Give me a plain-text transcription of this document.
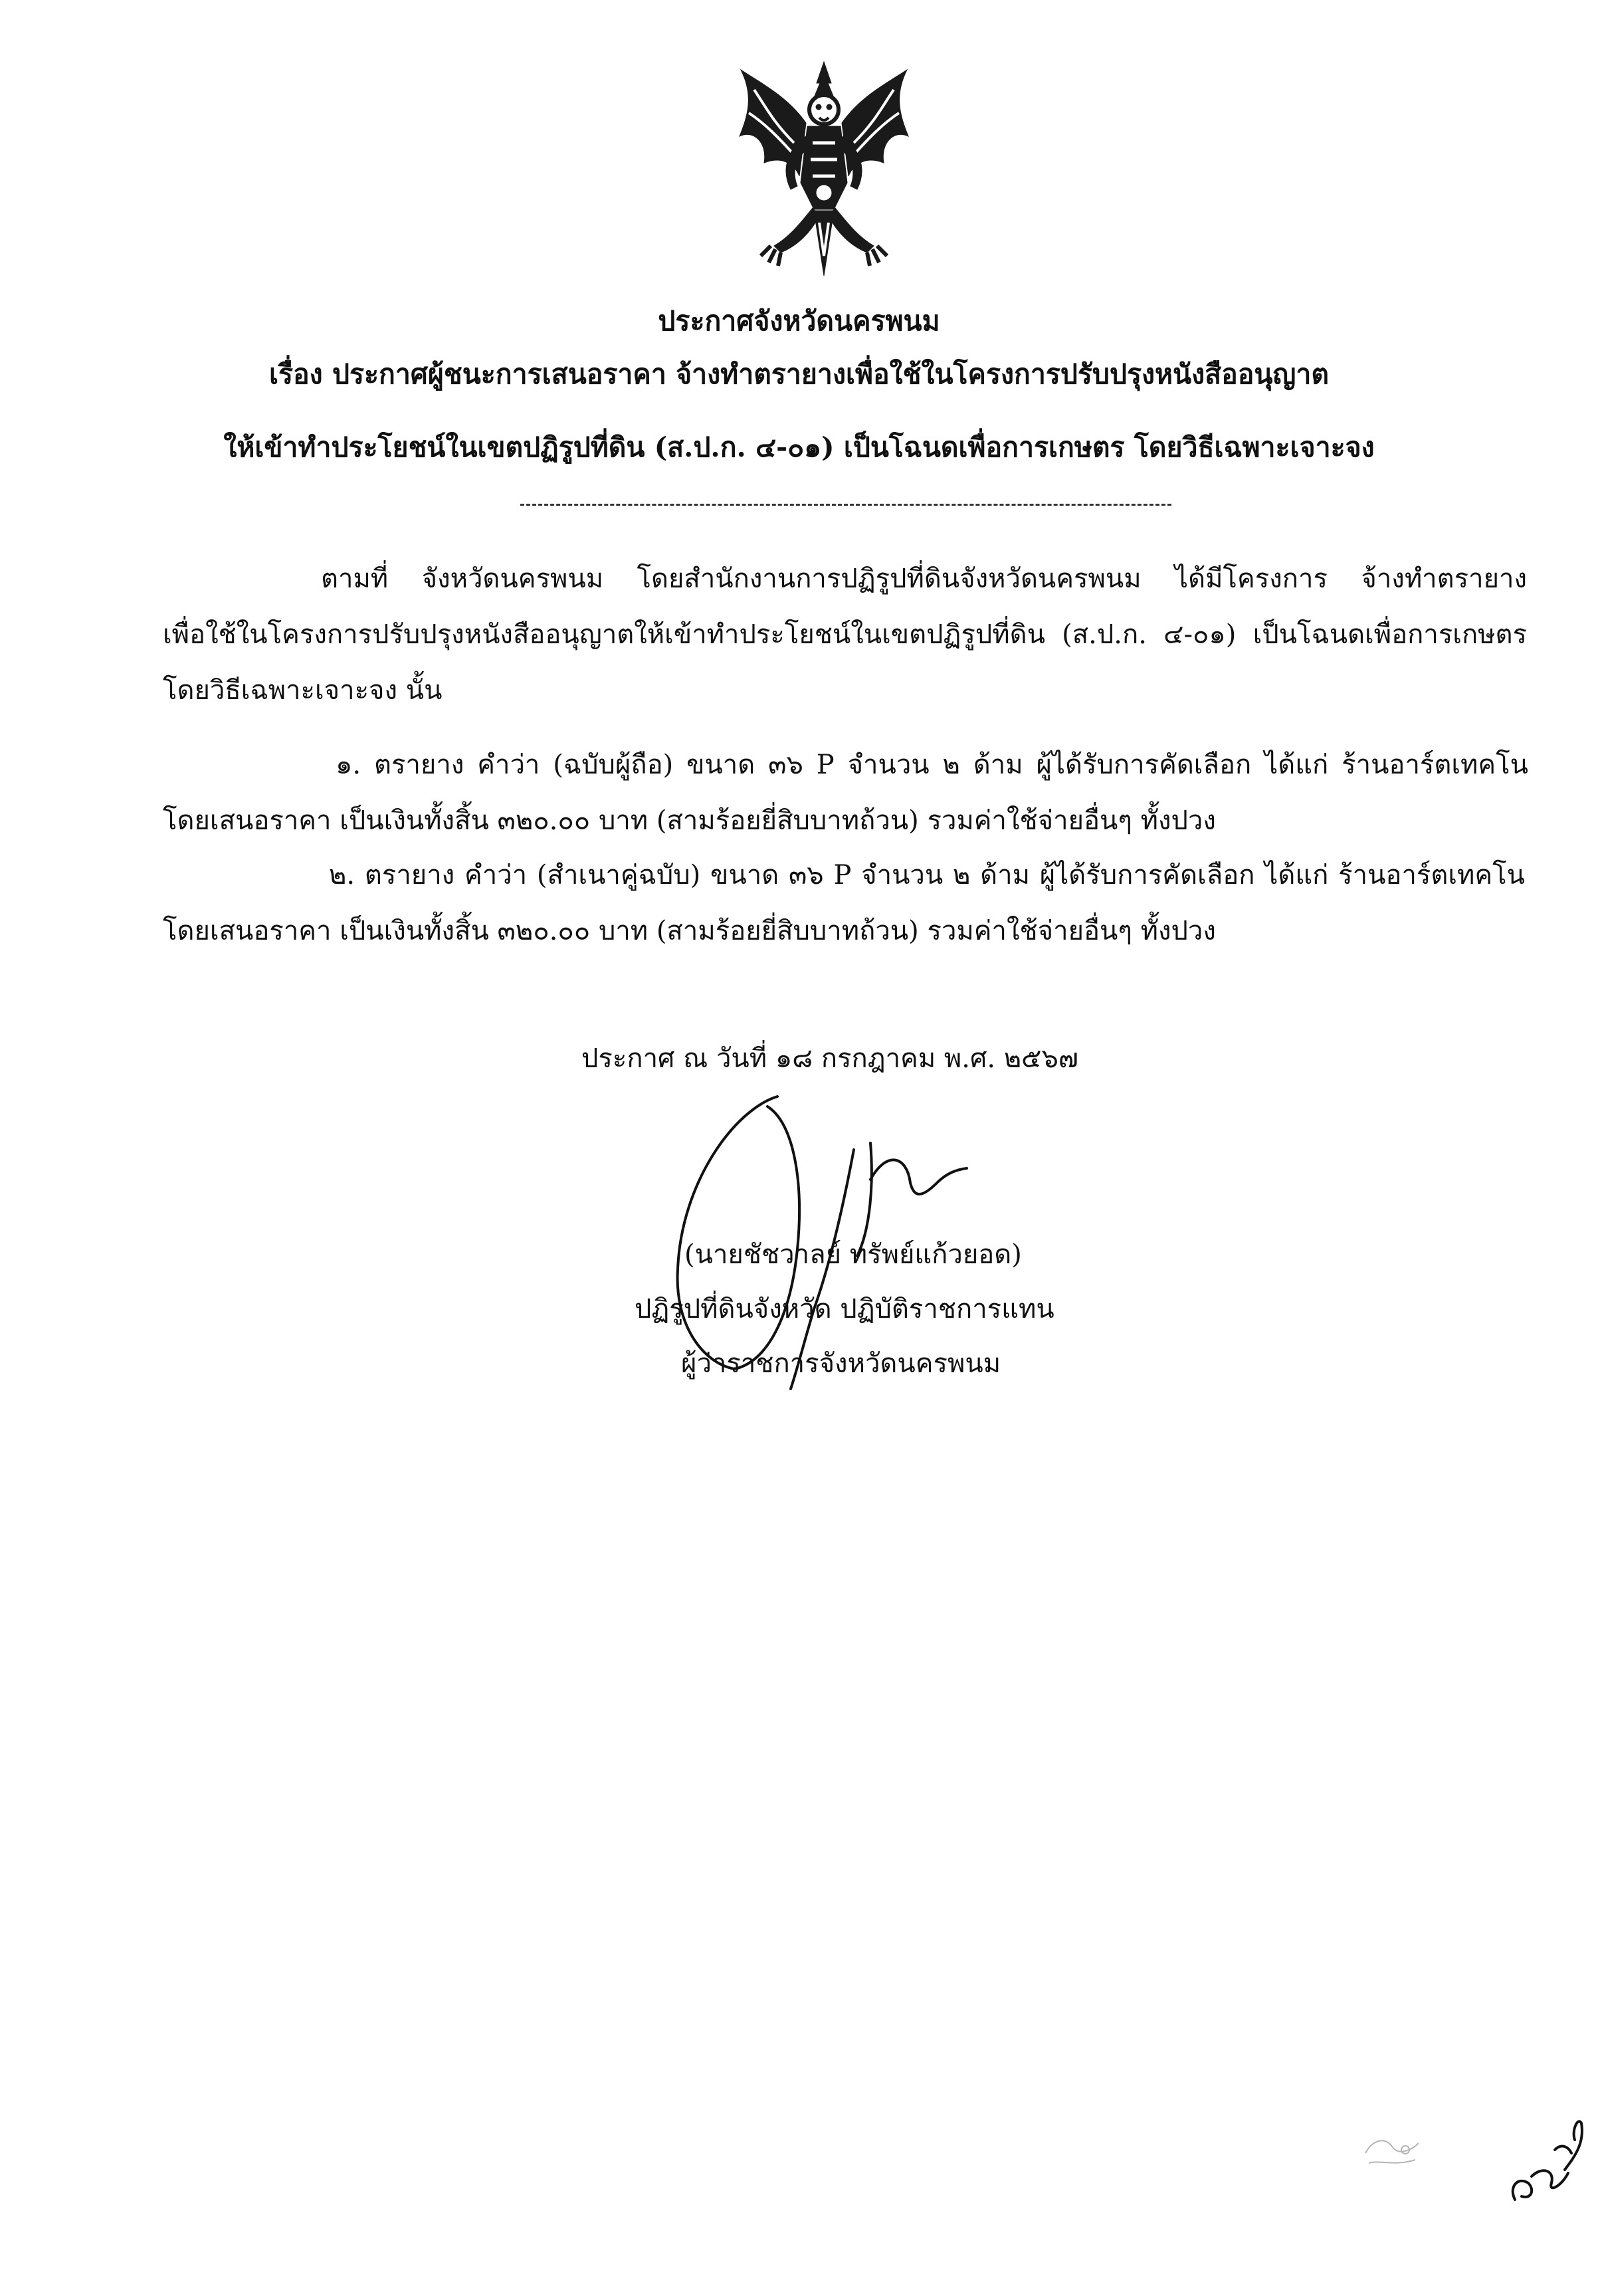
ประกาศจังหวัดนครพนม
เรื่อง ประกาศผู้ชนะการเสนอราคา จ้างทำตรายางเพื่อใช้ในโครงการปรับปรุงหนังสืออนุญาต
ให้เข้าทำประโยชน์ในเขตปฏิรูปที่ดิน (ส.ป.ก. ๔-๐๑) เป็นโฉนดเพื่อการเกษตร โดยวิธีเฉพาะเจาะจง
ตามที่ จังหวัดนครพนม โดยสำนักงานการปฏิรูปที่ดินจังหวัดนครพนม ได้มีโครงการ จ้างทำตรายาง
เพื่อใช้ในโครงการปรับปรุงหนังสืออนุญาตให้เข้าทำประโยชน์ในเขตปฏิรูปที่ดิน (ส.ป.ก. ๔-๐๑) เป็นโฉนดเพื่อการเกษตร
โดยวิธีเฉพาะเจาะจง นั้น
๑. ตรายาง คำว่า (ฉบับผู้ถือ) ขนาด ๓๖ P จำนวน ๒ ด้าม ผู้ได้รับการคัดเลือก ได้แก่ ร้านอาร์ตเทคโน
โดยเสนอราคา เป็นเงินทั้งสิ้น ๓๒๐.๐๐ บาท (สามร้อยยี่สิบบาทถ้วน) รวมค่าใช้จ่ายอื่นๆ ทั้งปวง
๒. ตรายาง คำว่า (สำเนาคู่ฉบับ) ขนาด ๓๖ P จำนวน ๒ ด้าม ผู้ได้รับการคัดเลือก ได้แก่ ร้านอาร์ตเทคโน
โดยเสนอราคา เป็นเงินทั้งสิ้น ๓๒๐.๐๐ บาท (สามร้อยยี่สิบบาทถ้วน) รวมค่าใช้จ่ายอื่นๆ ทั้งปวง
ประกาศ ณ วันที่ ๑๘ กรกฎาคม พ.ศ. ๒๕๖๗
(นายชัชวาลย์ ทรัพย์แก้วยอด)
ปฏิรูปที่ดินจังหวัด ปฏิบัติราชการแทน
ผู้ว่าราชการจังหวัดนครพนม
